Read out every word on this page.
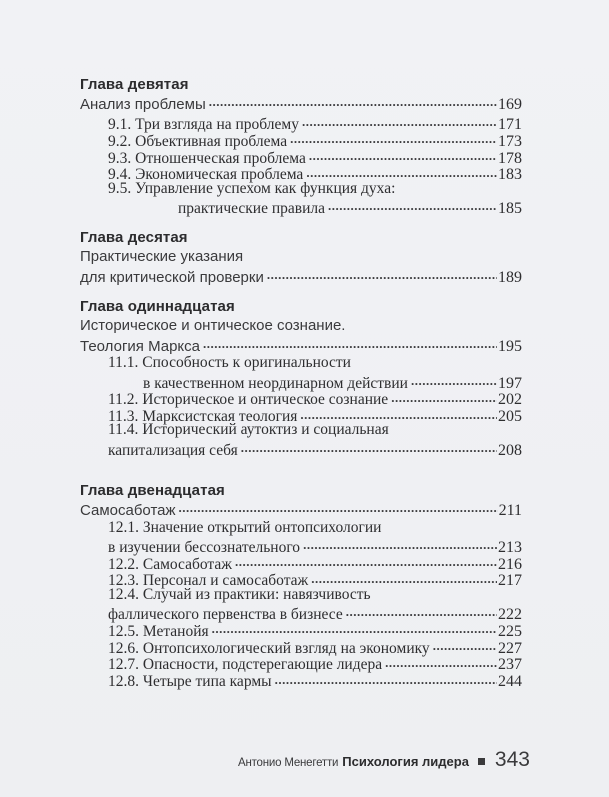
Глава девятая
Анализ проблемы .....	169
9.1. Три взгляда на проблему .....	171
9.2. Объективная проблема .....	173
9.3. Отношенческая проблема .....	178
9.4. Экономическая проблема .....	183
9.5. Управление успехом как функция духа:
практические правила .....	185
Глава десятая
Практические указания
для критической проверки .....	189
Глава одиннадцатая
Историческое и онтическое сознание.
Теология Маркса .....	195
11.1. Способность к оригинальности
в качественном неординарном действии .....	197
11.2. Историческое и онтическое сознание .....	202
11.3. Марксистская теология .....	205
11.4. Исторический аутоктиз и социальная
капитализация себя .....	208
Глава двенадцатая
Самосаботаж .....	211
12.1. Значение открытий онтопсихологии
в изучении бессознательного .....	213
12.2. Самосаботаж .....	216
12.3. Персонал и самосаботаж .....	217
12.4. Случай из практики: навязчивость
фаллического первенства в бизнесе .....	222
12.5. Метанойя .....	225
12.6. Онтопсихологический взгляд на экономику .....	227
12.7. Опасности, подстерегающие лидера .....	237
12.8. Четыре типа кармы .....	244
Антонио Менегетти Психология лидера 343
